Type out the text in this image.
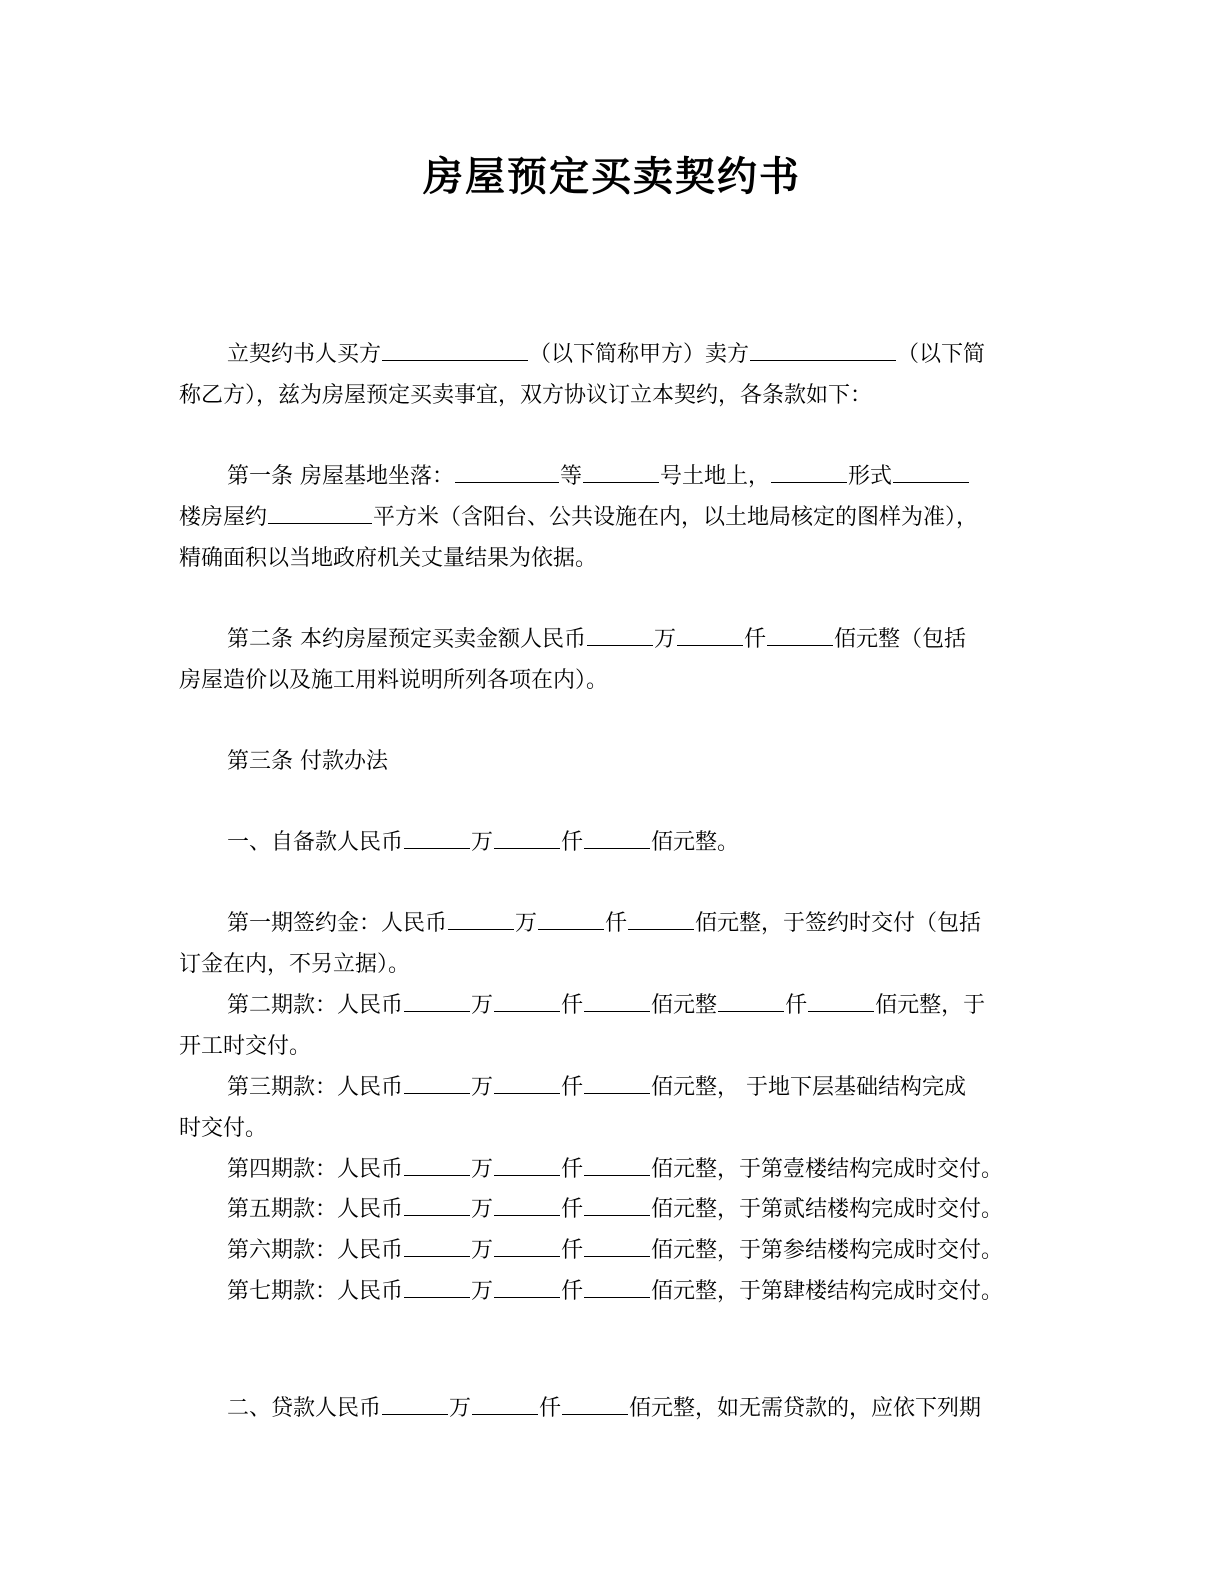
房屋预定买卖契约书
立契约书人买方	（以下简称甲方）卖方	（以下简
称乙方），兹为房屋预定买卖事宜，双方协议订立本契约，各条款如下：
第一条 房屋基地坐落：	等	号土地上，	形式
楼房屋约	平方米（含阳台、公共设施在内，以土地局核定的图样为准），
精确面积以当地政府机关丈量结果为依据。
第二条 本约房屋预定买卖金额人民币	万	仟	佰元整（包括
房屋造价以及施工用料说明所列各项在内）。
第三条 付款办法
一、自备款人民币	万	仟	佰元整。
第一期签约金：人民币	万	仟	佰元整，于签约时交付（包括
订金在内，不另立据）。
第二期款：人民币	万	仟	佰元整	仟	佰元整，于
开工时交付。
第三期款：人民币	万	仟	佰元整， 于地下层基础结构完成
时交付。
第四期款：人民币	万	仟	佰元整，于第壹楼结构完成时交付。
第五期款：人民币	万	仟	佰元整，于第贰结楼构完成时交付。
第六期款：人民币	万	仟	佰元整，于第参结楼构完成时交付。
第七期款：人民币	万	仟	佰元整，于第肆楼结构完成时交付。
二、贷款人民币	万	仟	佰元整，如无需贷款的，应依下列期
